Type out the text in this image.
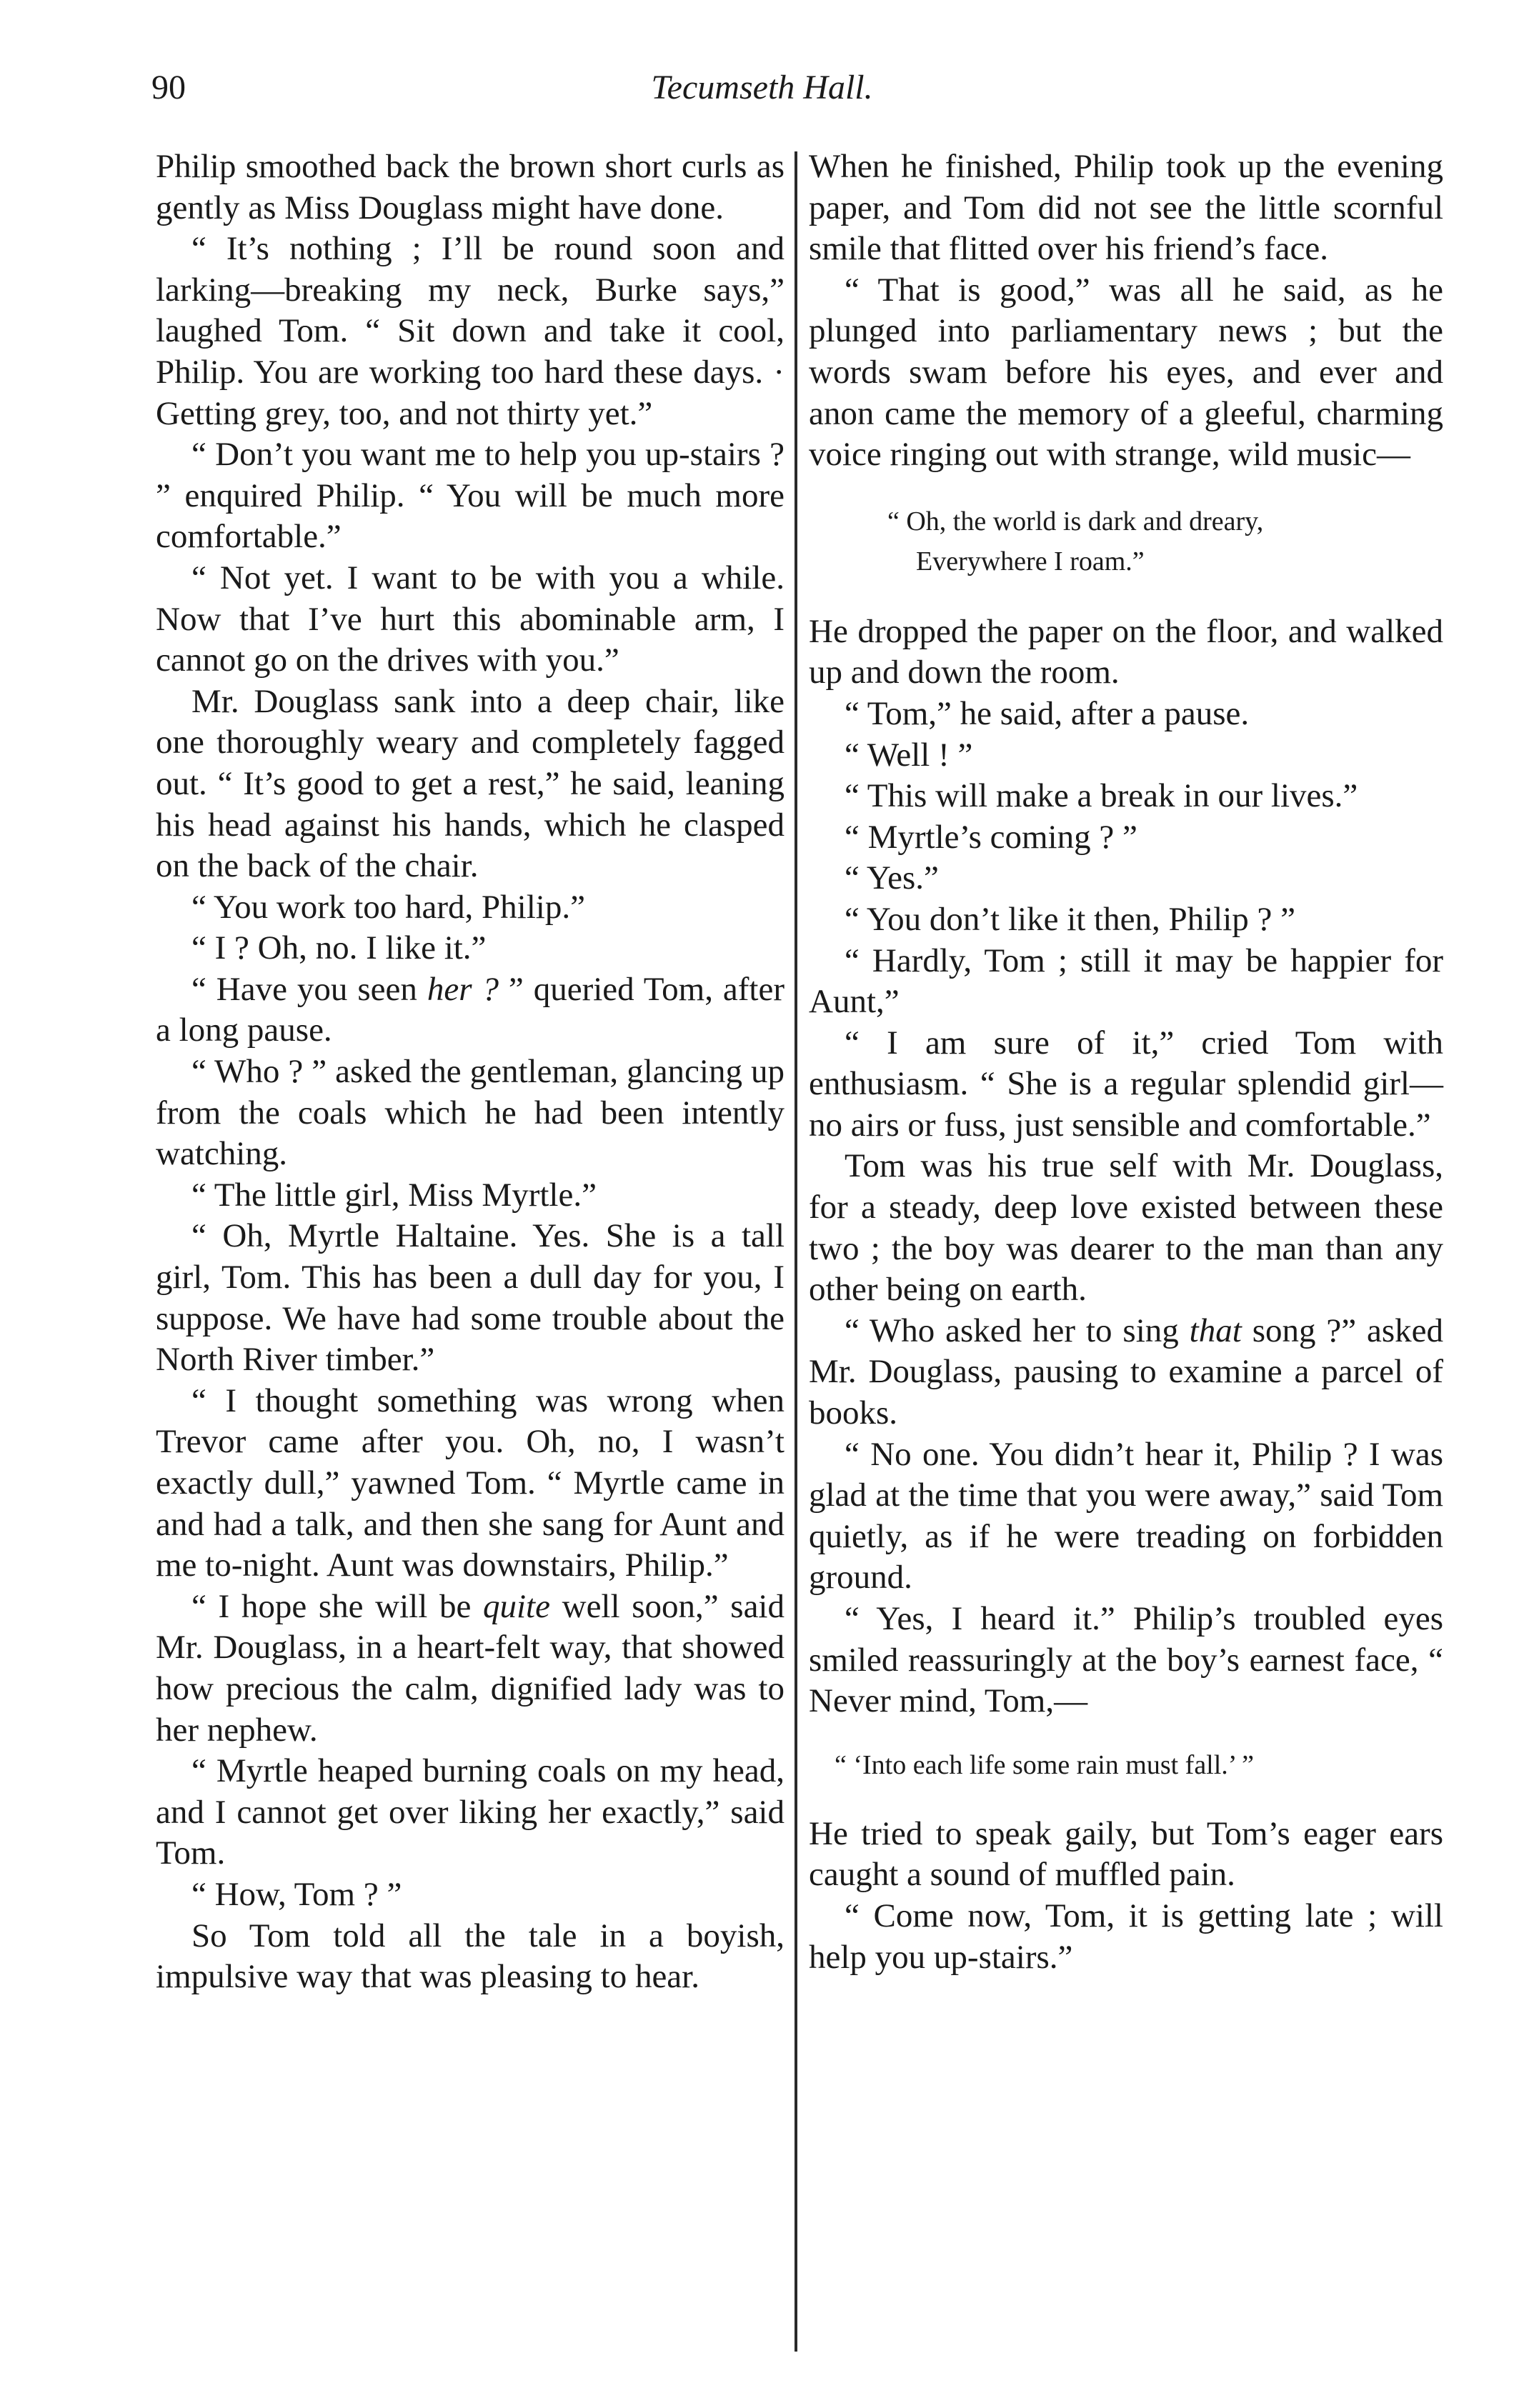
90	Tecumseth Hall.

Philip smoothed back the brown short curls as gently as Miss Douglass might have done.

“ It’s nothing ; I’ll be round soon and larking—breaking my neck, Burke says,” laughed Tom. “ Sit down and take it cool, Philip. You are working too hard these days. · Getting grey, too, and not thirty yet.”

“ Don’t you want me to help you up-stairs ? ” enquired Philip. “ You will be much more comfortable.”

“ Not yet. I want to be with you a while. Now that I’ve hurt this abominable arm, I cannot go on the drives with you.”

Mr. Douglass sank into a deep chair, like one thoroughly weary and completely fagged out. “ It’s good to get a rest,” he said, leaning his head against his hands, which he clasped on the back of the chair.

“ You work too hard, Philip.”

“ I ? Oh, no. I like it.”

“ Have you seen her ? ” queried Tom, after a long pause.

“ Who ? ” asked the gentleman, glancing up from the coals which he had been intently watching.

“ The little girl, Miss Myrtle.”

“ Oh, Myrtle Haltaine. Yes. She is a tall girl, Tom. This has been a dull day for you, I suppose. We have had some trouble about the North River timber.”

“ I thought something was wrong when Trevor came after you. Oh, no, I wasn’t exactly dull,” yawned Tom. “ Myrtle came in and had a talk, and then she sang for Aunt and me to-night. Aunt was downstairs, Philip.”

“ I hope she will be quite well soon,” said Mr. Douglass, in a heart-felt way, that showed how precious the calm, dignified lady was to her nephew.

“ Myrtle heaped burning coals on my head, and I cannot get over liking her exactly,” said Tom.

“ How, Tom ? ”

So Tom told all the tale in a boyish, impulsive way that was pleasing to hear.

When he finished, Philip took up the evening paper, and Tom did not see the little scornful smile that flitted over his friend’s face.

“ That is good,” was all he said, as he plunged into parliamentary news ; but the words swam before his eyes, and ever and anon came the memory of a gleeful, charming voice ringing out with strange, wild music—

“ Oh, the world is dark and dreary,
Everywhere I roam.”

He dropped the paper on the floor, and walked up and down the room.

“ Tom,” he said, after a pause.

“ Well ! ”

“ This will make a break in our lives.”

“ Myrtle’s coming ? ”

“ Yes.”

“ You don’t like it then, Philip ? ”

“ Hardly, Tom ; still it may be happier for Aunt,”

“ I am sure of it,” cried Tom with enthusiasm. “ She is a regular splendid girl—no airs or fuss, just sensible and comfortable.”

Tom was his true self with Mr. Douglass, for a steady, deep love existed between these two ; the boy was dearer to the man than any other being on earth.

“ Who asked her to sing that song ?” asked Mr. Douglass, pausing to examine a parcel of books.

“ No one. You didn’t hear it, Philip ? I was glad at the time that you were away,” said Tom quietly, as if he were treading on forbidden ground.

“ Yes, I heard it.” Philip’s troubled eyes smiled reassuringly at the boy’s earnest face, “ Never mind, Tom,—

“ ‘Into each life some rain must fall.’ ”

He tried to speak gaily, but Tom’s eager ears caught a sound of muffled pain.

“ Come now, Tom, it is getting late ; will help you up-stairs.”
